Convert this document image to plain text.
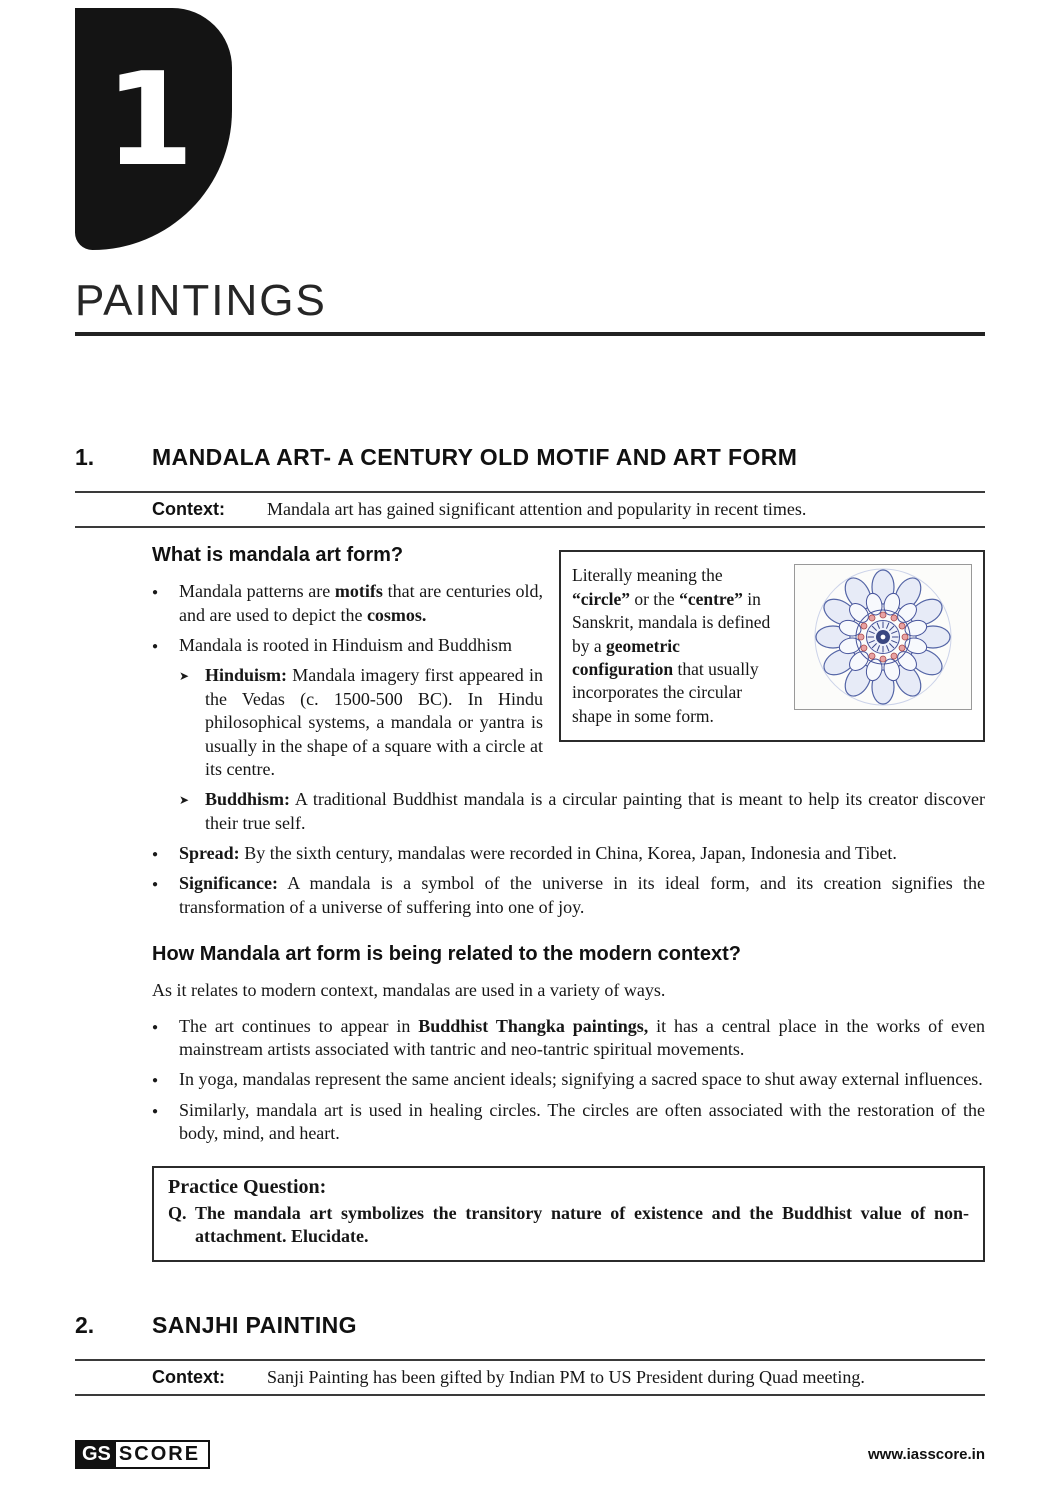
1
PAINTINGS
1.	MANDALA ART- A CENTURY OLD MOTIF AND ART FORM
Context: Mandala art has gained significant attention and popularity in recent times.

Literally meaning the “circle” or the “centre” in Sanskrit, mandala is defined by a geometric configuration that usually incorporates the circular shape in some form.

What is mandala art form?
● Mandala patterns are motifs that are centuries old, and are used to depict the cosmos.
● Mandala is rooted in Hinduism and Buddhism
➤ Hinduism: Mandala imagery first appeared in the Vedas (c. 1500-500 BC). In Hindu philosophical systems, a mandala or yantra is usually in the shape of a square with a circle at its centre.
➤ Buddhism: A traditional Buddhist mandala is a circular painting that is meant to help its creator discover their true self.
● Spread: By the sixth century, mandalas were recorded in China, Korea, Japan, Indonesia and Tibet.
● Significance: A mandala is a symbol of the universe in its ideal form, and its creation signifies the transformation of a universe of suffering into one of joy.
How Mandala art form is being related to the modern context?

As it relates to modern context, mandalas are used in a variety of ways.

● The art continues to appear in Buddhist Thangka paintings, it has a central place in the works of even mainstream artists associated with tantric and neo-tantric spiritual movements.
● In yoga, mandalas represent the same ancient ideals; signifying a sacred space to shut away external influences.
● Similarly, mandala art is used in healing circles. The circles are often associated with the restoration of the body, mind, and heart.
Practice Question:
Q. The mandala art symbolizes the transitory nature of existence and the Buddhist value of non-attachment. Elucidate.
2.	SANJHI PAINTING
Context: Sanji Painting has been gifted by Indian PM to US President during Quad meeting.
GS SCORE	www.iasscore.in
